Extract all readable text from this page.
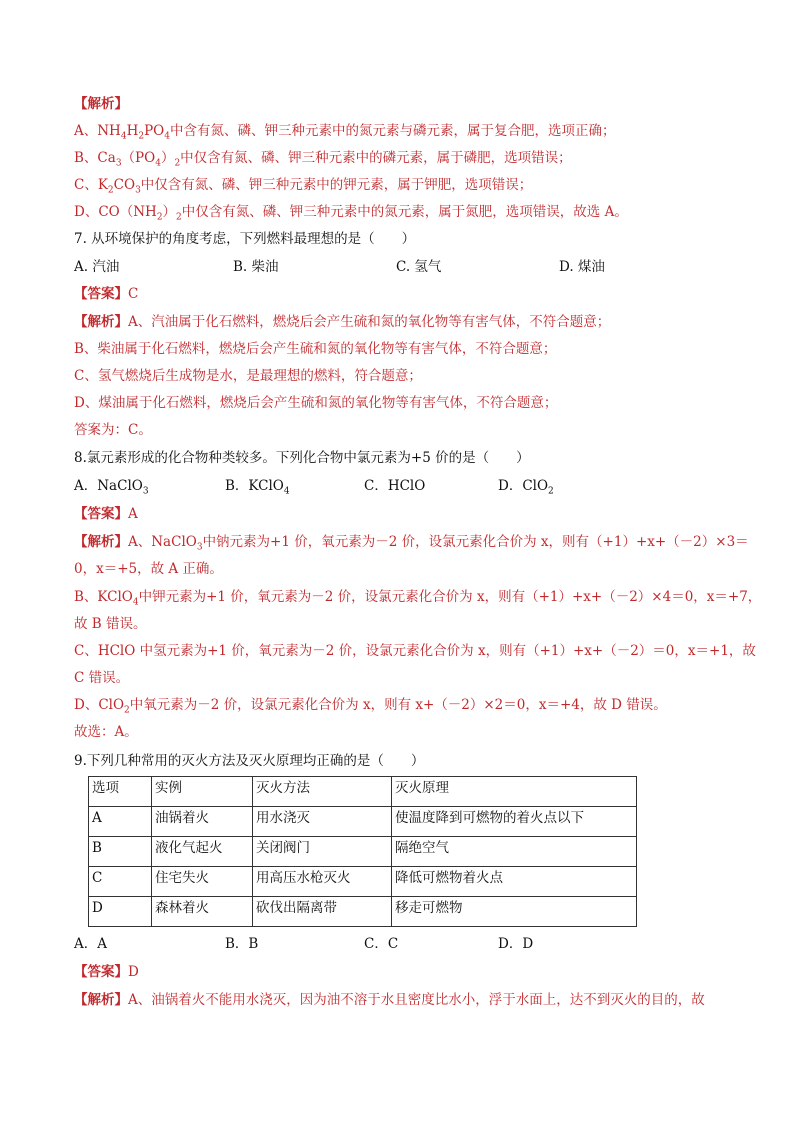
【解析】
A、$NH_4H_2PO_4$中含有氮、磷、钾三种元素中的氮元素与磷元素，属于复合肥，选项正确；
B、$Ca_3(PO_4)_2$中仅含有氮、磷、钾三种元素中的磷元素，属于磷肥，选项错误；
C、$K_2CO_3$中仅含有氮、磷、钾三种元素中的钾元素，属于钾肥，选项错误；
D、$CO(NH_2)_2$中仅含有氮、磷、钾三种元素中的氮元素，属于氮肥，选项错误，故选 A。
7. 从环境保护的角度考虑，下列燃料最理想的是（　　）
A. 汽油	B. 柴油	C. 氢气	D. 煤油
【答案】C
【解析】A、汽油属于化石燃料，燃烧后会产生硫和氮的氧化物等有害气体，不符合题意；
B、柴油属于化石燃料，燃烧后会产生硫和氮的氧化物等有害气体，不符合题意；
C、氢气燃烧后生成物是水，是最理想的燃料，符合题意；
D、煤油属于化石燃料，燃烧后会产生硫和氮的氧化物等有害气体，不符合题意；
答案为：C。
8.氯元素形成的化合物种类较多。下列化合物中氯元素为+5 价的是（　　）
A．NaClO$_3$	B．KClO$_4$	C．HClO	D．ClO$_2$
【答案】A
【解析】A、NaClO$_3$中钠元素为+1 价，氧元素为－2 价，设氯元素化合价为 x，则有（+1）+x+（－2）×3＝
0，x＝+5，故 A 正确。
B、KClO$_4$中钾元素为+1 价，氧元素为－2 价，设氯元素化合价为 x，则有（+1）+x+（－2）×4＝0，x＝+7，
故 B 错误。
C、HClO 中氢元素为+1 价，氧元素为－2 价，设氯元素化合价为 x，则有（+1）+x+（－2）＝0，x＝+1，故
C 错误。
D、ClO$_2$中氧元素为－2 价，设氯元素化合价为 x，则有 x+（－2）×2＝0，x＝+4，故 D 错误。
故选：A。
9.下列几种常用的灭火方法及灭火原理均正确的是（　　）
选项	实例	灭火方法	灭火原理
A	油锅着火	用水浇灭	使温度降到可燃物的着火点以下
B	液化气起火	关闭阀门	隔绝空气
C	住宅失火	用高压水枪灭火	降低可燃物着火点
D	森林着火	砍伐出隔离带	移走可燃物
A．A	B．B	C．C	D．D
【答案】D
【解析】A、油锅着火不能用水浇灭，因为油不溶于水且密度比水小，浮于水面上，达不到灭火的目的，故
